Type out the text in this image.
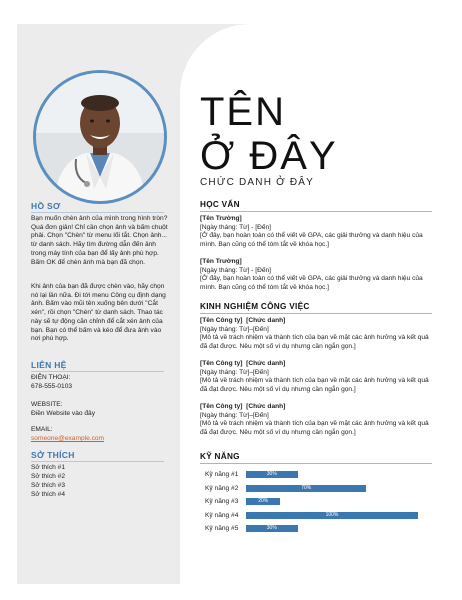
HỒ SƠ
Bạn muốn chèn ảnh của mình trong hình tròn? Quá đơn giản! Chỉ cần chọn ảnh và bấm chuột phải. Chọn "Chèn" từ menu lối tắt. Chọn ảnh... từ danh sách. Hãy tìm đường dẫn đến ảnh trong máy tính của bạn để lấy ảnh phù hợp. Bấm OK để chèn ảnh mà bạn đã chọn.
Khi ảnh của bạn đã được chèn vào, hãy chọn nó lại lần nữa. Đi tới menu Công cụ định dạng ảnh. Bấm vào mũi tên xuống bên dưới "Cắt xén", rồi chọn "Chèn" từ danh sách. Thao tác này sẽ tự động căn chỉnh để cắt xén ảnh của bạn. Bạn có thể bấm và kéo để đưa ảnh vào nơi phù hợp.
LIÊN HỆ
ĐIỆN THOẠI:
678-555-0103
WEBSITE:
Điền Website vào đây
EMAIL:
someone@example.com
SỞ THÍCH
Sở thích #1
Sở thích #2
Sở thích #3
Sở thích #4
TÊN
Ở ĐÂY
CHỨC DANH Ở ĐÂY
HỌC VẤN
[Tên Trường]
[Ngày tháng: Từ] - [Đến]
[Ở đây, bạn hoàn toàn có thể viết về GPA, các giải thưởng và danh hiệu của mình. Bạn cũng có thể tóm tắt về khóa học.]
[Tên Trường]
[Ngày tháng: Từ] - [Đến]
[Ở đây, bạn hoàn toàn có thể viết về GPA, các giải thưởng và danh hiệu của mình. Bạn cũng có thể tóm tắt về khóa học.]
KINH NGHIỆM CÔNG VIỆC
[Tên Công ty] [Chức danh]
[Ngày tháng: Từ]–[Đến]
[Mô tả về trách nhiệm và thành tích của bạn về mặt các ảnh hưởng và kết quả đã đạt được. Nêu một số ví dụ nhưng cần ngắn gọn.]
[Tên Công ty] [Chức danh]
[Ngày tháng: Từ]–[Đến]
[Mô tả về trách nhiệm và thành tích của bạn về mặt các ảnh hưởng và kết quả đã đạt được. Nêu một số ví dụ nhưng cần ngắn gọn.]
[Tên Công ty] [Chức danh]
[Ngày tháng: Từ]–[Đến]
[Mô tả về trách nhiệm và thành tích của bạn về mặt các ảnh hưởng và kết quả đã đạt được. Nêu một số ví dụ nhưng cần ngắn gọn.]
KỸ NĂNG
Kỹ năng #1	30%
Kỹ năng #2	70%
Kỹ năng #3	20%
Kỹ năng #4	100%
Kỹ năng #5	30%
